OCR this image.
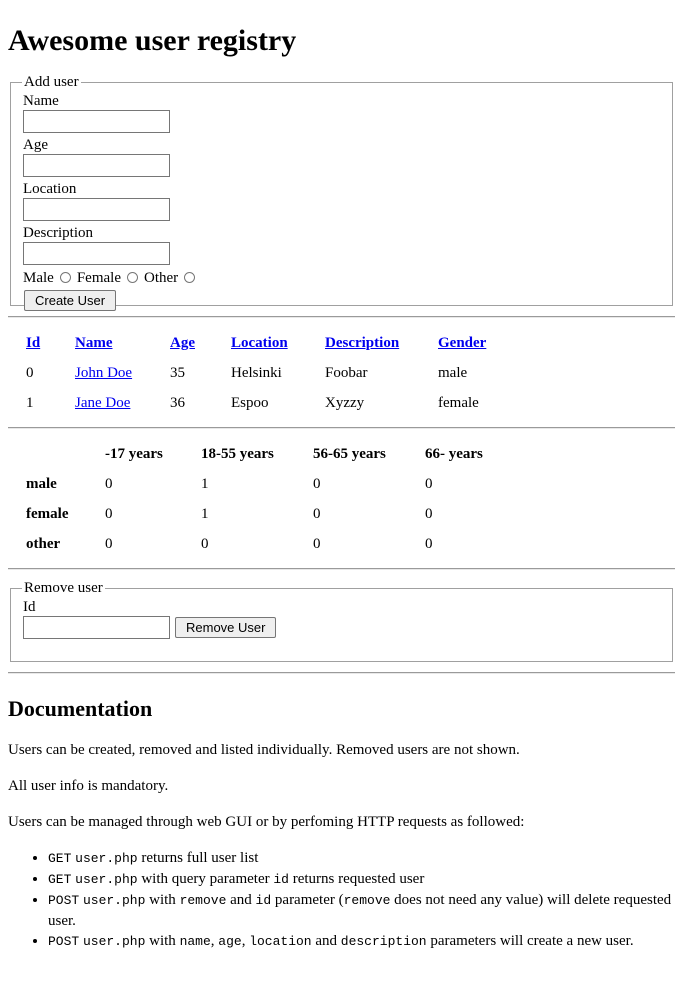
Awesome user registry
Add user
Name
Age
Location
Description
Male Female Other
Create User
Id	Name	Age	Location	Description	Gender
0	John Doe	35	Helsinki	Foobar	male
1	Jane Doe	36	Espoo	Xyzzy	female
	-17 years	18-55 years	56-65 years	66- years
male	0	1	0	0
female	0	1	0	0
other	0	0	0	0
Remove user
Id
Remove User
Documentation

Users can be created, removed and listed individually. Removed users are not shown.

All user info is mandatory.

Users can be managed through web GUI or by perfoming HTTP requests as followed:

• GET user.php returns full user list
• GET user.php with query parameter id returns requested user
• POST user.php with remove and id parameter (remove does not need any value) will delete requested user.
• POST user.php with name, age, location and description parameters will create a new user.
